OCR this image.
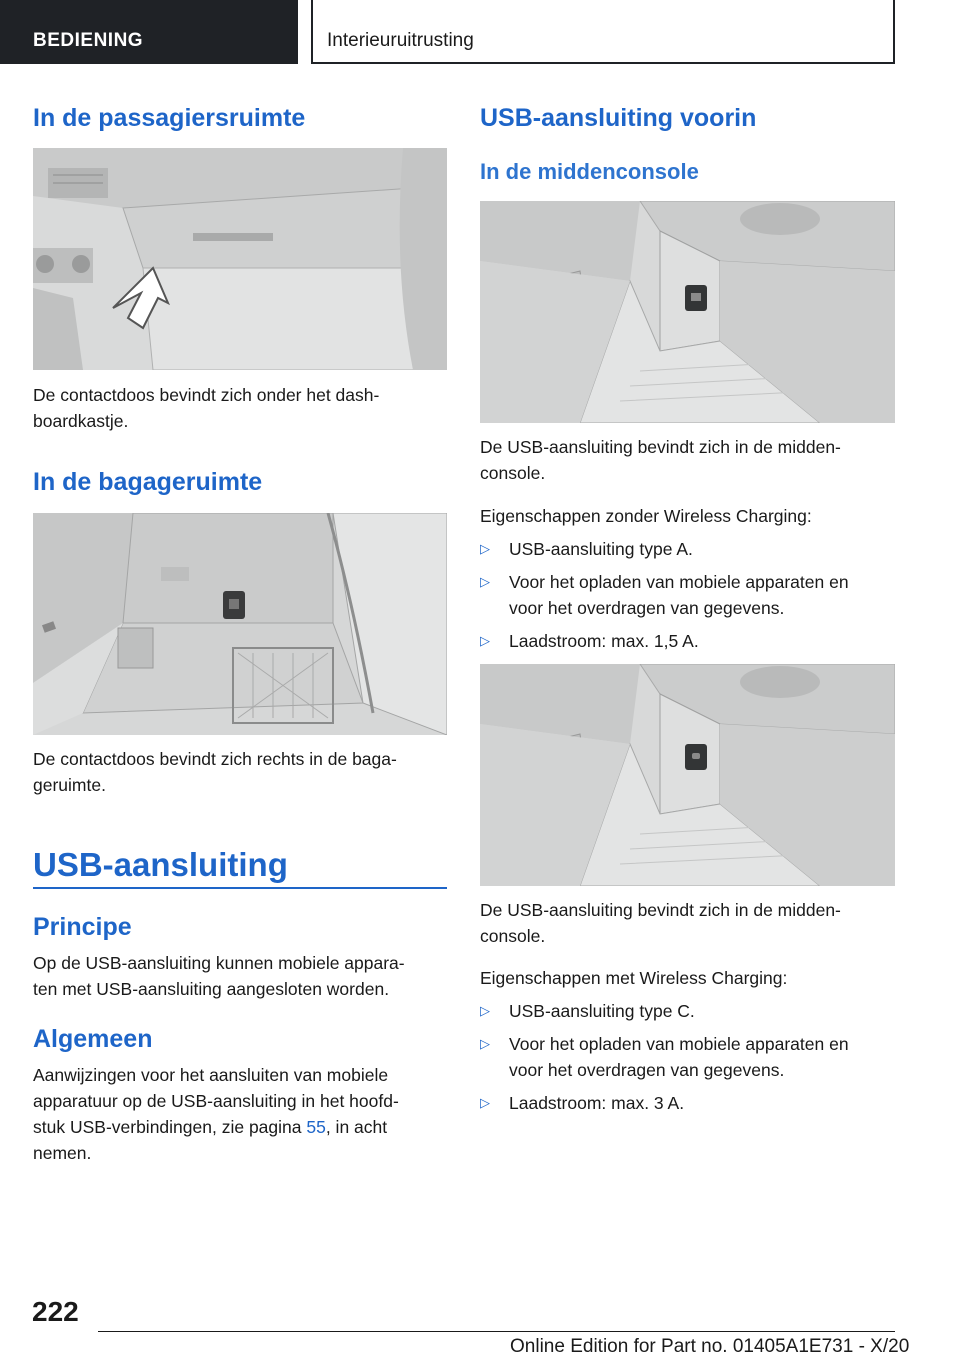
BEDIENING	Interieuruitrusting
In de passagiersruimte

De contactdoos bevindt zich onder het dash-
boardkastje.

In de bagageruimte

De contactdoos bevindt zich rechts in de baga-
geruimte.

USB-aansluiting
Principe

Op de USB-aansluiting kunnen mobiele appara-
ten met USB-aansluiting aangesloten worden.

Algemeen

Aanwijzingen voor het aansluiten van mobiele
apparatuur op de USB-aansluiting in het hoofd-
stuk USB-verbindingen, zie pagina 55, in acht
nemen.

USB-aansluiting voorin
In de middenconsole

De USB-aansluiting bevindt zich in de midden-
console.

Eigenschappen zonder Wireless Charging:

▷ USB-aansluiting type A.
▷ Voor het opladen van mobiele apparaten en
voor het overdragen van gegevens.
▷ Laadstroom: max. 1,5 A.

De USB-aansluiting bevindt zich in de midden-
console.

Eigenschappen met Wireless Charging:

▷ USB-aansluiting type C.
▷ Voor het opladen van mobiele apparaten en
voor het overdragen van gegevens.
▷ Laadstroom: max. 3 A.
222
Online Edition for Part no. 01405A1E731 - X/20
